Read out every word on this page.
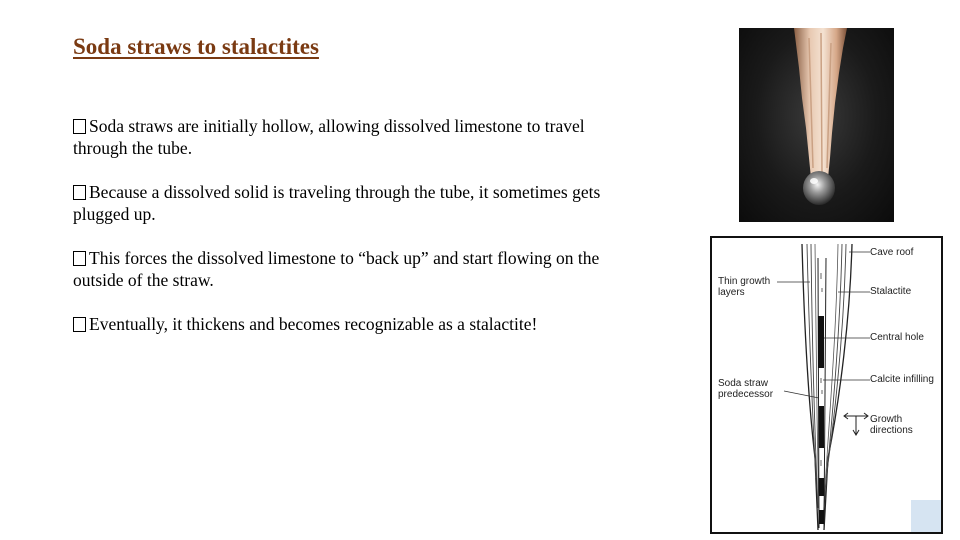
Soda straws to stalactites

Soda straws are initially hollow, allowing dissolved limestone to travel through the tube.

Because a dissolved solid is traveling through the tube, it sometimes gets plugged up.

This forces the dissolved limestone to “back up” and start flowing on the outside of the straw.

Eventually, it thickens and becomes recognizable as a stalactite!

Cave roof
Thin growth
layers	Stalactite
Central hole
Soda straw
predecessor
Calcite infilling
Growth
directions
